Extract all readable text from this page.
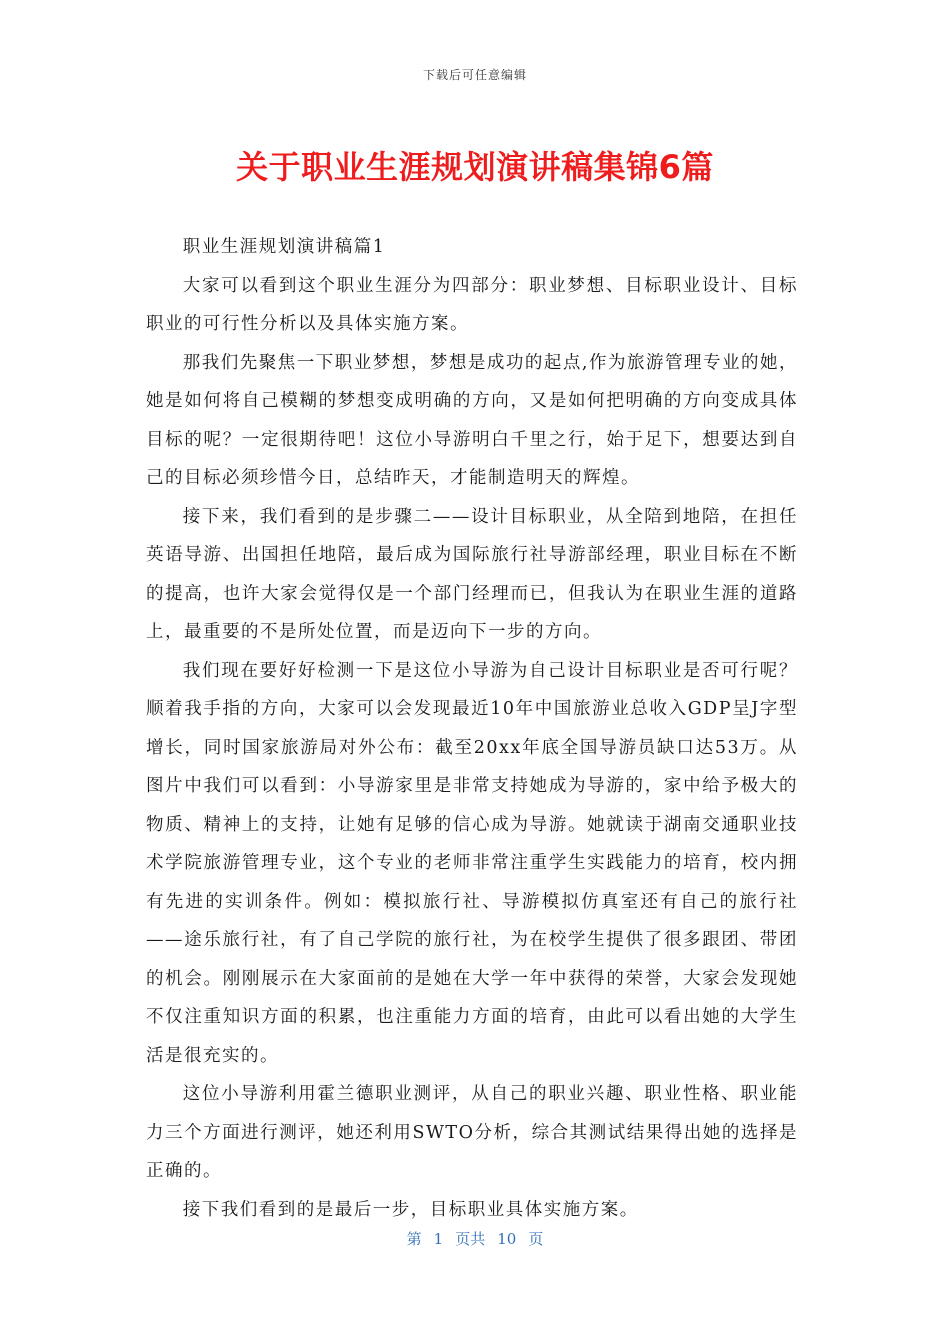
下载后可任意编辑
关于职业生涯规划演讲稿集锦6篇

职业生涯规划演讲稿篇1

大家可以看到这个职业生涯分为四部分：职业梦想、目标职业设计、目标职业的可行性分析以及具体实施方案。

那我们先聚焦一下职业梦想，梦想是成功的起点,作为旅游管理专业的她，她是如何将自己模糊的梦想变成明确的方向，又是如何把明确的方向变成具体目标的呢？一定很期待吧！这位小导游明白千里之行，始于足下，想要达到自己的目标必须珍惜今日，总结昨天，才能制造明天的辉煌。

接下来，我们看到的是步骤二——设计目标职业，从全陪到地陪，在担任英语导游、出国担任地陪，最后成为国际旅行社导游部经理，职业目标在不断的提高，也许大家会觉得仅是一个部门经理而已，但我认为在职业生涯的道路上，最重要的不是所处位置，而是迈向下一步的方向。

我们现在要好好检测一下是这位小导游为自己设计目标职业是否可行呢？顺着我手指的方向，大家可以会发现最近10年中国旅游业总收入GDP呈J字型增长，同时国家旅游局对外公布：截至20xx年底全国导游员缺口达53万。从图片中我们可以看到：小导游家里是非常支持她成为导游的，家中给予极大的物质、精神上的支持，让她有足够的信心成为导游。她就读于湖南交通职业技术学院旅游管理专业，这个专业的老师非常注重学生实践能力的培育，校内拥有先进的实训条件。例如：模拟旅行社、导游模拟仿真室还有自己的旅行社——途乐旅行社，有了自己学院的旅行社，为在校学生提供了很多跟团、带团的机会。刚刚展示在大家面前的是她在大学一年中获得的荣誉，大家会发现她不仅注重知识方面的积累，也注重能力方面的培育，由此可以看出她的大学生活是很充实的。

这位小导游利用霍兰德职业测评，从自己的职业兴趣、职业性格、职业能力三个方面进行测评，她还利用SWTO分析，综合其测试结果得出她的选择是正确的。

接下我们看到的是最后一步，目标职业具体实施方案。

第 1 页共 10 页
